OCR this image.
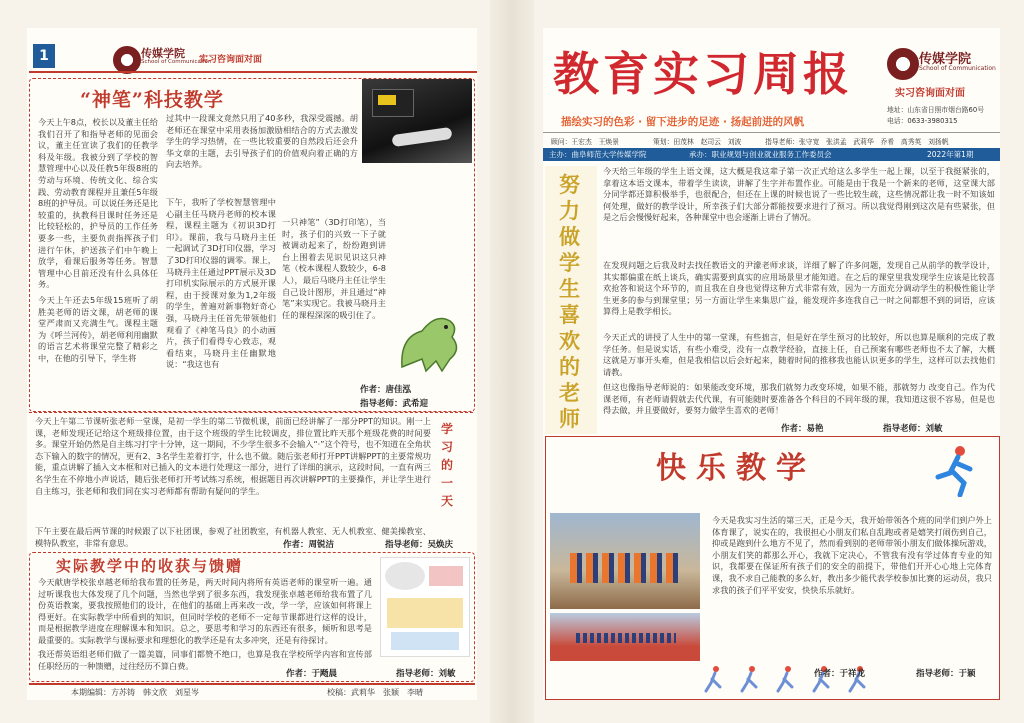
1	传媒学院
School of Communication
实习咨询面对面
“神笔”科技教学
今天上午8点，校长以及董主任给我们召开了和指导老师的见面会议，董主任宣读了我们的任教学科及年级。我被分到了学校的智慧管理中心以及任教5年级8班的劳动与环境、传统文化、综合实践、劳动教育课程并且兼任5年级8班的护导员。可以说任务还是比较重的，执教科目课时任务还是比较轻松的，护导员的工作任务要多一些，主要负责指挥孩子们进行午休，护送孩子们中午晚上放学，看课后服务等任务。智慧管理中心目前还没有什么具体任务。
今天上午还去5年级15班听了胡胜美老师的语文课，胡老师的课堂严肃而又充满生气。课程主题为《呼兰河传》，胡老师利用幽默的语言艺术将课堂完整了精彩之中，在他的引导下，学生将
过其中一段课文竟然只用了40多秒，我深受震撼。胡老师还在课堂中采用表扬加激励相结合的方式去激发学生的学习热情，在一些比较重要的自然段后还会升华文章的主题，去引导孩子们的价值观向着正确的方向去培养。
下午，我听了学校智慧管理中心副主任马晓丹老师的校本课程，课程主题为《初识3D打印》。课前，我与马晓丹主任一起调试了3D打印仪器，学习了3D打印仪器的调零。课上，马晓丹主任通过PPT展示及3D打印机实际展示的方式展开课程，由于授课对象为1,2年级的学生，普遍对新事物好奇心强，马晓丹主任首先带领他们观看了《神笔马良》的小动画片，孩子们看得专心致志，观看结束，马晓丹主任幽默地说：“我这也有
一只神笔”（3D打印笔），当时，孩子们的兴致一下子就被调动起来了，纷纷跑到讲台上围着去见识见识这只神笔（校本课程人数较少，6-8人），最后马晓丹主任让学生自己设计图形，并且通过“神笔”来实现它。我被马晓丹主任的课程深深的吸引住了。
作者：唐佳泓
指导老师：武希迎
今天上午第二节课听张老师一堂课，是初一学生的第二节微机课，前面已经讲解了一部分PPT的知识。刚一上课，老师发现还记给这个班级排位置，由于这个班级的学生比较调皮，排位置比昨天那个班级花费的时间要多。课堂开始仍然是自主练习打字十分钟，这一期间，不少学生很多不会输入“·”这个符号，也不知道在全角状态下输入的数字的情况，更有2、3名学生差着打字，什么也不做。随后张老师打开PPT讲解PPT的主要常规功能，重点讲解了插入文本框和对已插入的文本进行处理这一部分，进行了详细的演示，这段时间，一直有两三名学生在不停地小声说话，随后张老师打开考试练习系统，根据题目再次讲解PPT的主要操作，并让学生进行自主练习，张老师和我们同在实习老师都有帮助有疑问的学生。
下午主要在最后两节课的时候跟了以下社团课，参观了社团教室，有机器人教室、无人机教室、健美操教室、模特队教室，非常有意思。
学习的一天
作者：周锐洁	指导老师：吴焕庆
实际教学中的收获与馈赠
今天献唐学校张卓越老师给我布置的任务是，两天时间内将所有英语老师的课堂听一遍。通过听课我也大体发现了几个问题，当然也学到了很多东西，我发现张卓越老师给我布置了几份英语教案，要我按照他们的设计，在他们的基础上再来改一改，学一学，应该如何将课上得更好。在实际教学中所看到的知识，但同时学校的老师不一定每节课都进行这样的设计，而是根据教学进度在理解课本和知识。总之，要思考和学习的东西还有很多，倾听和思考是最重要的。实际教学与课标要求和理想化的教学还是有太多冲突，还是有待探讨。
我还帮英语组老师们做了一篇美篇，同事们都赞不绝口，也算是我在学校所学内容和宣传部任职经历的一种馈赠，过往经历不算白费。
作者：于飏晨	指导老师：刘敏
本期编辑：方苏铸　韩文欣　刘星岑	校稿：武莉华　张颖　李晴
教育实习周报
描绘实习的色彩 · 留下进步的足迹 · 扬起前进的风帆
传媒学院
School of Communication
实习咨询面对面
地址：山东省日照市烟台路60号
电话：0633-3980315
顾问：王宏杰　王焕景	策划：田茂林　赵司云　刘波	指导老师：张守宽　张洪孟　武莉华　乔希　高秀英　刘扬帆
主办：曲阜师范大学传媒学院	承办：职业规划与创业就业服务工作委员会	2022年第1期
努力做学生喜欢的老师
今天给三年级的学生上语文课，这大概是我这辈子第一次正式给这么多学生一起上课，以至于我挺紧张的，拿着这本语文课本，带着学生读读，讲解了生字并布置作业。可能是由于我是一个新来的老师，这堂课大部分同学都还算积极举手，也很配合，但还在上课的时候也说了一些比较生疏，这些情况都让我一时不知该如何处理，做好的教学设计，所幸孩子们大部分都能按要求进行了预习。所以我觉得刚到这次是有些紧张，但是之后会慢慢好起来，各种课堂中也会逐渐上讲台了情况。
在发现问题之后我及时去找任教语文的尹濛老师求谈，详细了解了许多问题，发现自己从前学的教学设计，其实都偏重在纸上谈兵，确实需要到真实的应用场景里才能知道。在之后的课堂里我发现学生应该是比较喜欢抢答和说这个环节的，而且我在自身也觉得这种方式非常有效，因为一方面充分调动学生的积极性能让学生更多的参与到课堂里；另一方面让学生来集思广益，能发现许多连我自己一时之间都想不到的词语，应该算得上是教学相长。
今天正式的讲授了人生中的第一堂课，有些拙言，但是好在学生预习的比较好，所以也算是顺利的完成了教学任务。但是说实话，有些小难受，没有一点教学经验，直接上任，自己预案有哪些老师也不太了解，大概这就是万事开头难，但是我相信以后会好起来，随着时间的推移我也能认识更多的学生，这样可以去找他们请教。
但这也像指导老师说的：如果能改变环境，那我们就努力改变环境，如果不能，那就努力 改变自己。作为代课老师，有老师请假就去代代课，有可能随时要准备各个科目的不同年级的课，我知道这很不容易，但是也得去做，并且要做好，要努力做学生喜欢的老师！
作者：易艳	指导老师：刘敏
快乐教学
今天是我实习生活的第三天，正是今天，我开始带领各个班的同学们到户外上体育课了，说实在的，我很担心小朋友们私自乱跑或者是嬉笑打闹伤到自己，抑或是跑到什么地方不见了，然而看到别的老师带领小朋友们做体操玩游戏，小朋友们笑的都那么开心，我就下定决心，不管我有没有学过体育专业的知识，我都要在保证所有孩子们的安全的前提下，带他们开开心心地上完体育课，我不求自己能教的多么好，教出多少能代表学校参加比赛的运动员，我只求我的孩子们平平安安，快快乐乐就好。
作者：于祥龙	指导老师：于颖
